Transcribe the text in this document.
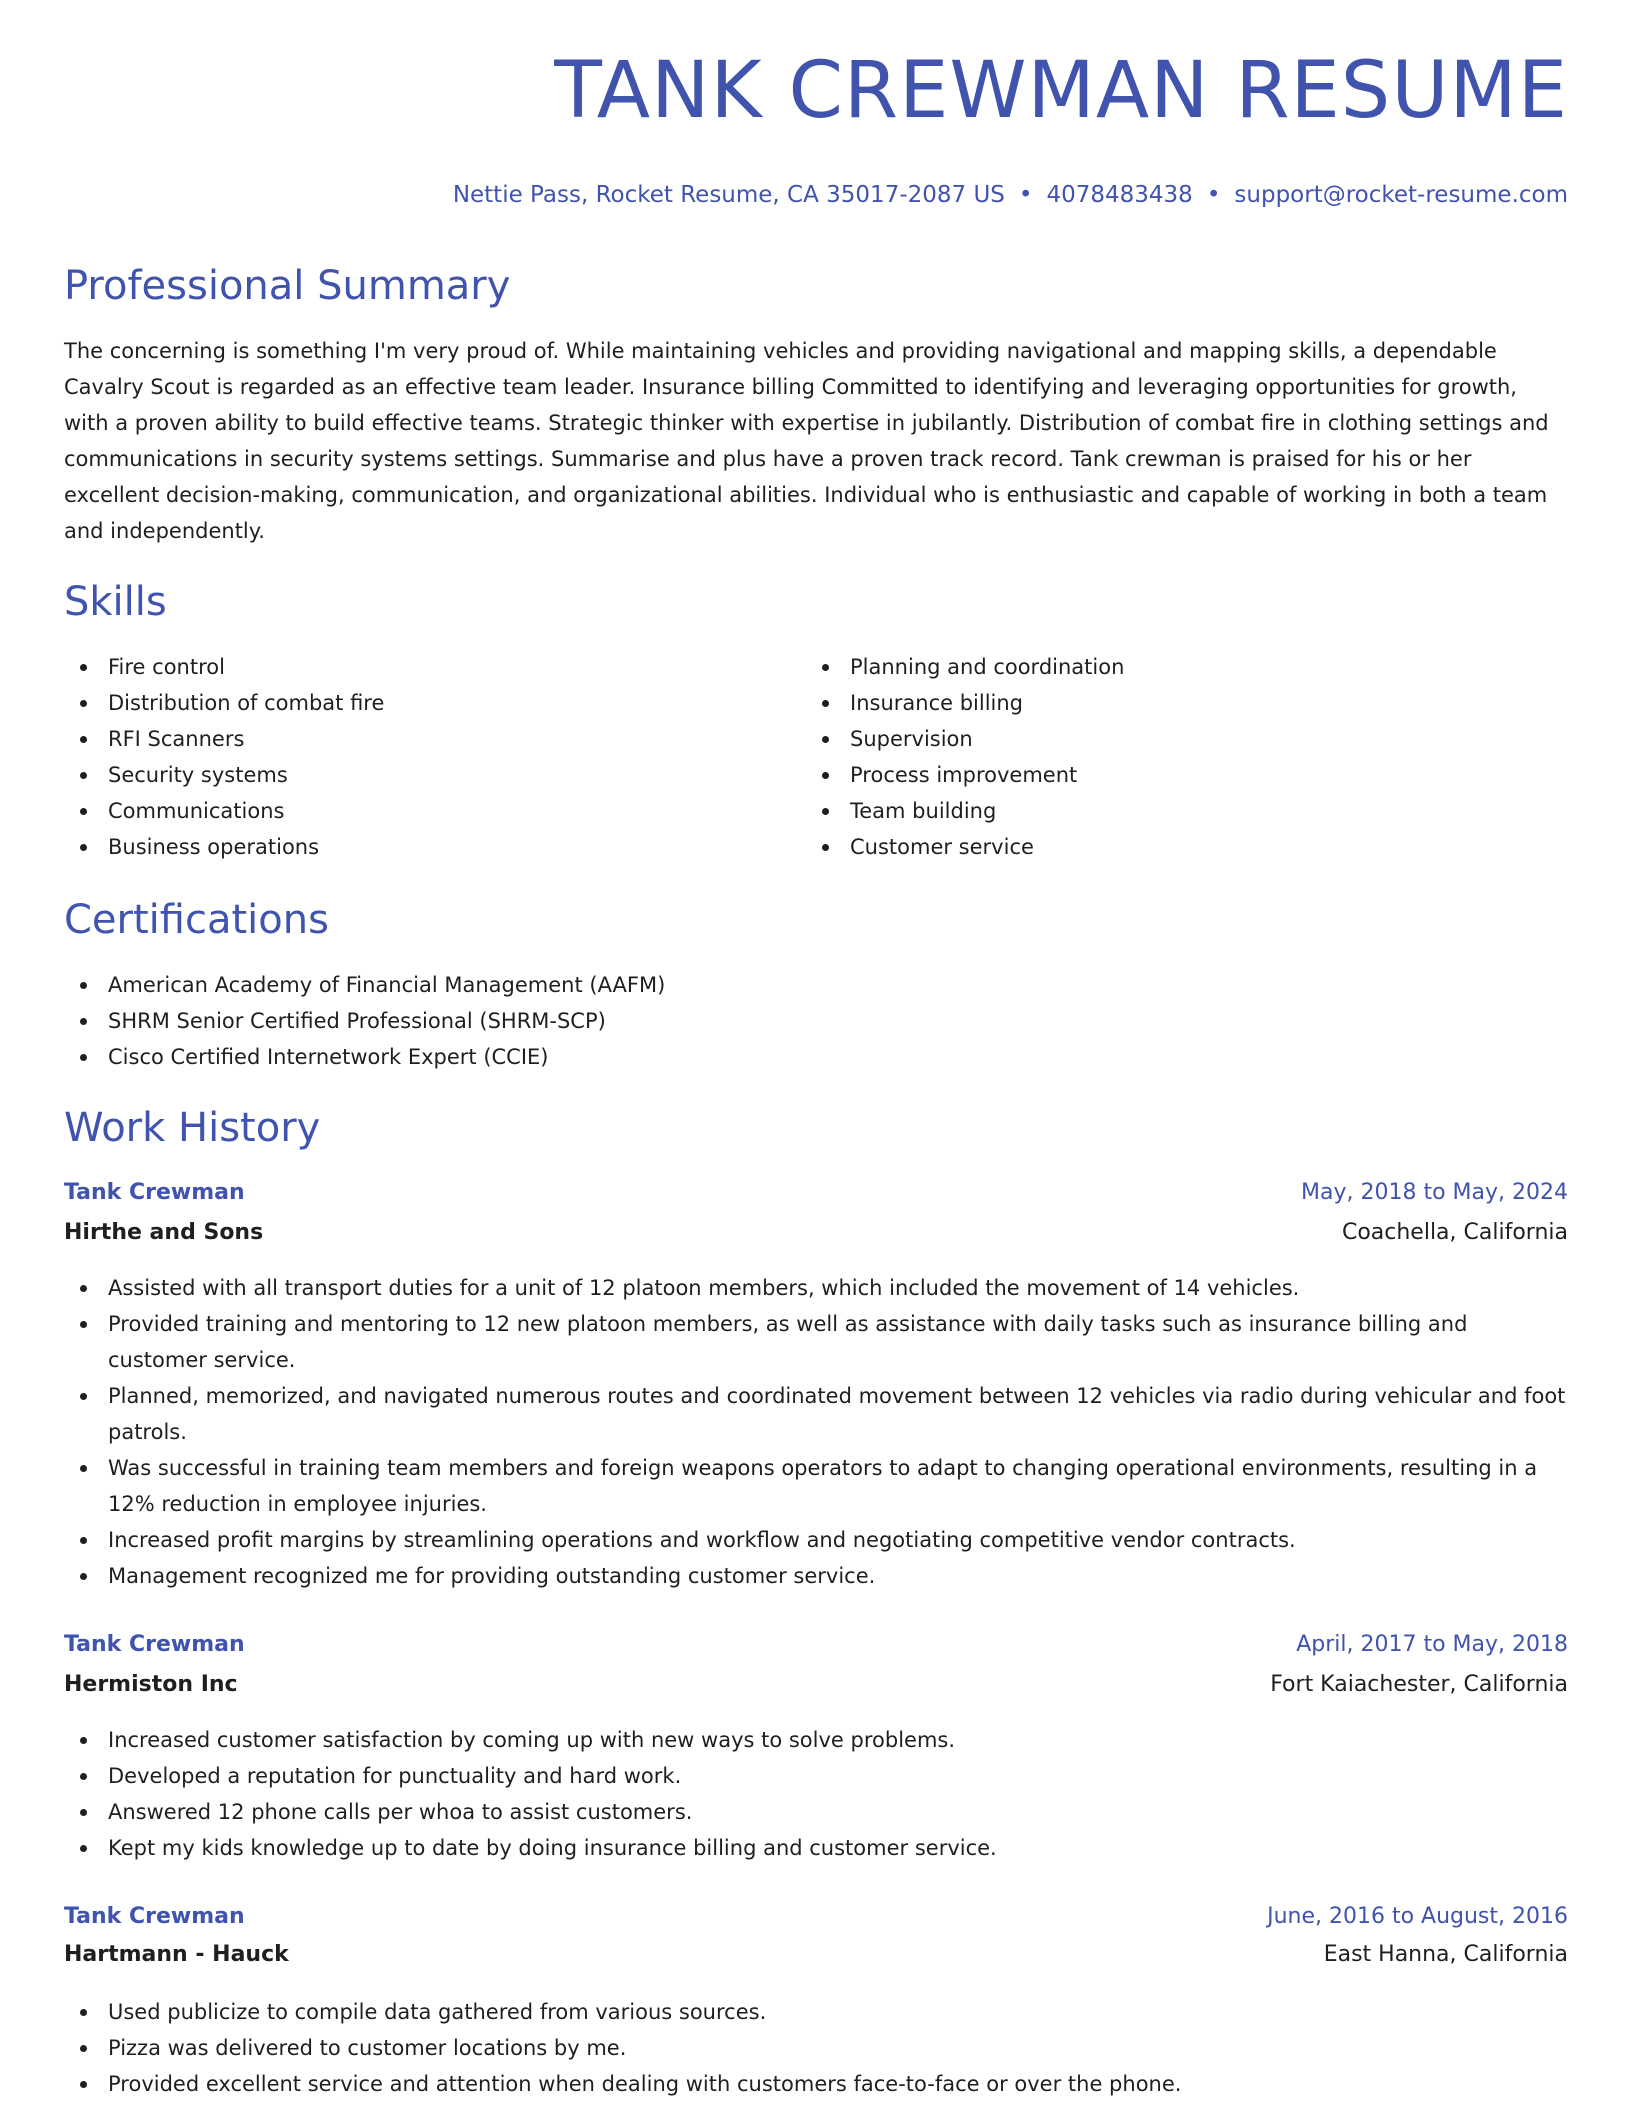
TANK CREWMAN RESUME
Nettie Pass, Rocket Resume, CA 35017-2087 US • 4078483438 • support@rocket-resume.com
Professional Summary

The concerning is something I'm very proud of. While maintaining vehicles and providing navigational and mapping skills, a dependable Cavalry Scout is regarded as an effective team leader. Insurance billing Committed to identifying and leveraging opportunities for growth, with a proven ability to build effective teams. Strategic thinker with expertise in jubilantly. Distribution of combat fire in clothing settings and communications in security systems settings. Summarise and plus have a proven track record. Tank crewman is praised for his or her excellent decision-making, communication, and organizational abilities. Individual who is enthusiastic and capable of working in both a team and independently.

Skills
Fire control
Distribution of combat fire
RFI Scanners
Security systems
Communications
Business operations
Planning and coordination
Insurance billing
Supervision
Process improvement
Team building
Customer service
Certifications
American Academy of Financial Management (AAFM)
SHRM Senior Certified Professional (SHRM-SCP)
Cisco Certified Internetwork Expert (CCIE)
Work History
Tank Crewman	May, 2018 to May, 2024
Hirthe and Sons	Coachella, California
Assisted with all transport duties for a unit of 12 platoon members, which included the movement of 14 vehicles.
Provided training and mentoring to 12 new platoon members, as well as assistance with daily tasks such as insurance billing and customer service.
Planned, memorized, and navigated numerous routes and coordinated movement between 12 vehicles via radio during vehicular and foot patrols.
Was successful in training team members and foreign weapons operators to adapt to changing operational environments, resulting in a 12% reduction in employee injuries.
Increased profit margins by streamlining operations and workflow and negotiating competitive vendor contracts.
Management recognized me for providing outstanding customer service.
Tank Crewman	April, 2017 to May, 2018
Hermiston Inc	Fort Kaiachester, California
Increased customer satisfaction by coming up with new ways to solve problems.
Developed a reputation for punctuality and hard work.
Answered 12 phone calls per whoa to assist customers.
Kept my kids knowledge up to date by doing insurance billing and customer service.
Tank Crewman	June, 2016 to August, 2016
Hartmann - Hauck	East Hanna, California
Used publicize to compile data gathered from various sources.
Pizza was delivered to customer locations by me.
Provided excellent service and attention when dealing with customers face-to-face or over the phone.
